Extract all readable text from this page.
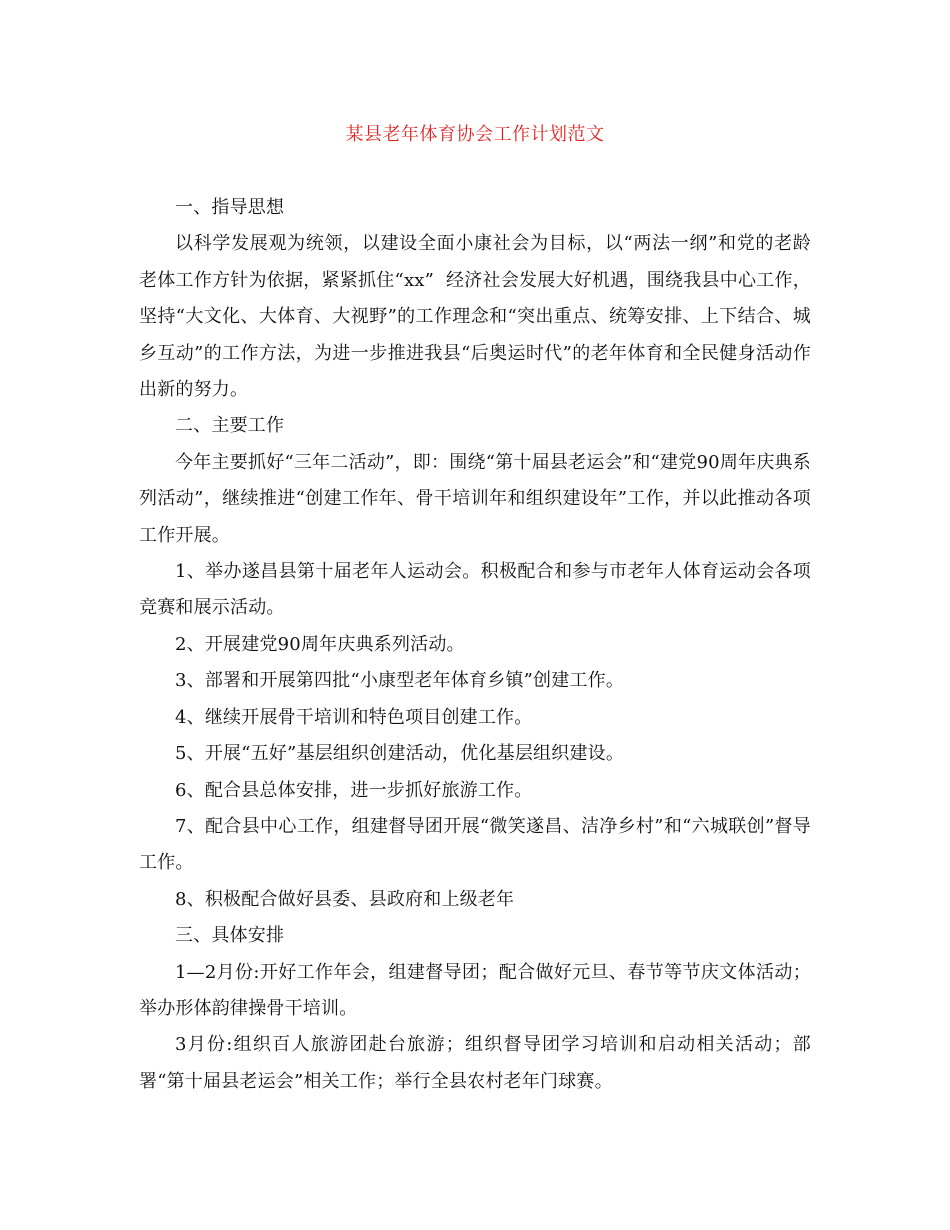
某县老年体育协会工作计划范文

一、指导思想

以科学发展观为统领，以建设全面小康社会为目标，以“两法一纲”和党的老龄老体工作方针为依据，紧紧抓住“xx”  经济社会发展大好机遇，围绕我县中心工作，坚持“大文化、大体育、大视野”的工作理念和“突出重点、统筹安排、上下结合、城乡互动”的工作方法，为进一步推进我县“后奥运时代”的老年体育和全民健身活动作出新的努力。

二、主要工作

今年主要抓好“三年二活动”，即：围绕“第十届县老运会”和“建党90周年庆典系列活动”，继续推进“创建工作年、骨干培训年和组织建设年”工作，并以此推动各项工作开展。

1、举办遂昌县第十届老年人运动会。积极配合和参与市老年人体育运动会各项竞赛和展示活动。

2、开展建党90周年庆典系列活动。

3、部署和开展第四批“小康型老年体育乡镇”创建工作。

4、继续开展骨干培训和特色项目创建工作。

5、开展“五好”基层组织创建活动，优化基层组织建设。

6、配合县总体安排，进一步抓好旅游工作。

7、配合县中心工作，组建督导团开展“微笑遂昌、洁净乡村”和“六城联创”督导工作。

8、积极配合做好县委、县政府和上级老年

三、具体安排

1—2月份:开好工作年会，组建督导团；配合做好元旦、春节等节庆文体活动；举办形体韵律操骨干培训。

3月份:组织百人旅游团赴台旅游；组织督导团学习培训和启动相关活动；部署“第十届县老运会”相关工作；举行全县农村老年门球赛。
